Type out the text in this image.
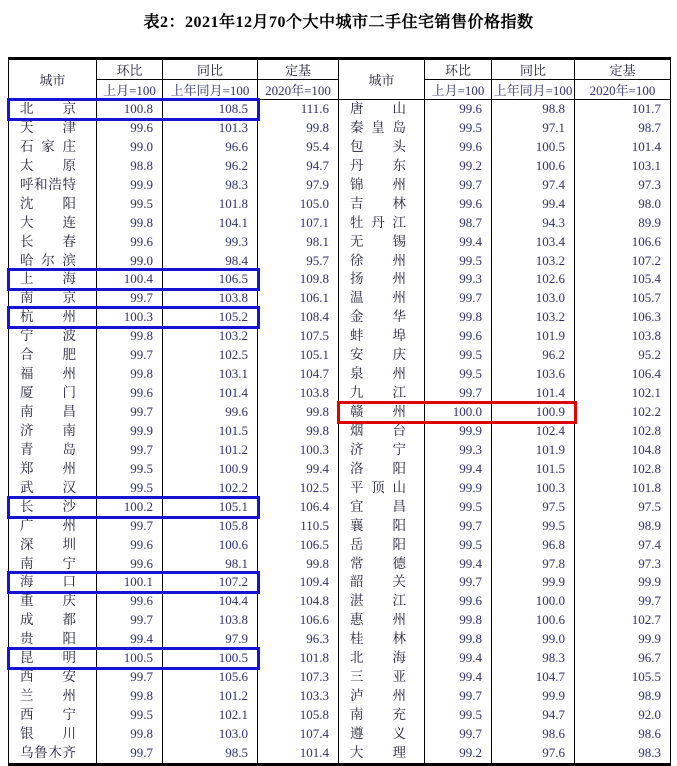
表2：2021年12月70个大中城市二手住宅销售价格指数
城市	环比	同比	定基	城市	环比	同比	定基
	上月=100	上年同月=100	2020年=100		上月=100	上年同月=100	2020年=100
北京	100.8	108.5	111.6	唐山	99.6	98.8	101.7
天津	99.6	101.3	99.8	秦皇岛	99.5	97.1	98.7
石家庄	99.0	96.6	95.4	包头	99.6	100.5	101.4
太原	98.8	96.2	94.7	丹东	99.2	100.6	103.1
呼和浩特	99.9	98.3	97.9	锦州	99.7	97.4	97.3
沈阳	99.5	101.8	105.0	吉林	99.6	99.4	98.0
大连	99.8	104.1	107.1	牡丹江	98.7	94.3	89.9
长春	99.6	99.3	98.1	无锡	99.4	103.4	106.6
哈尔滨	99.0	98.4	95.7	徐州	99.5	103.2	107.2
上海	100.4	106.5	109.8	扬州	99.3	102.6	105.4
南京	99.7	103.8	106.1	温州	99.7	103.0	105.7
杭州	100.3	105.2	108.4	金华	99.8	103.2	106.3
宁波	99.8	103.2	107.5	蚌埠	99.6	101.9	103.8
合肥	99.7	102.5	105.1	安庆	99.5	96.2	95.2
福州	99.8	103.1	104.7	泉州	99.5	103.6	106.4
厦门	99.6	101.4	103.8	九江	99.7	101.4	102.1
南昌	99.7	99.6	99.8	赣州	100.0	100.9	102.2
济南	99.9	101.5	99.8	烟台	99.9	102.4	102.8
青岛	99.7	101.2	100.3	济宁	99.3	101.9	104.8
郑州	99.5	100.9	99.4	洛阳	99.4	101.5	102.8
武汉	99.5	102.2	102.5	平顶山	99.9	100.3	101.8
长沙	100.2	105.1	106.4	宜昌	99.5	97.5	97.5
广州	99.7	105.8	110.5	襄阳	99.7	99.5	98.9
深圳	99.6	100.6	106.5	岳阳	99.5	96.8	97.4
南宁	99.6	98.1	99.8	常德	99.4	97.8	97.3
海口	100.1	107.2	109.4	韶关	99.7	99.9	99.9
重庆	99.6	104.4	104.8	湛江	99.6	100.0	99.7
成都	99.7	103.8	106.6	惠州	99.8	100.6	102.7
贵阳	99.4	97.9	96.3	桂林	99.8	99.0	99.9
昆明	100.5	100.5	101.8	北海	99.4	98.3	96.7
西安	99.7	105.6	107.3	三亚	99.4	104.7	105.5
兰州	99.8	101.2	103.3	泸州	99.7	99.9	98.9
西宁	99.5	102.1	105.8	南充	99.5	94.7	92.0
银川	99.8	103.0	107.4	遵义	99.7	98.6	98.6
乌鲁木齐	99.7	98.5	101.4	大理	99.2	97.6	98.3
